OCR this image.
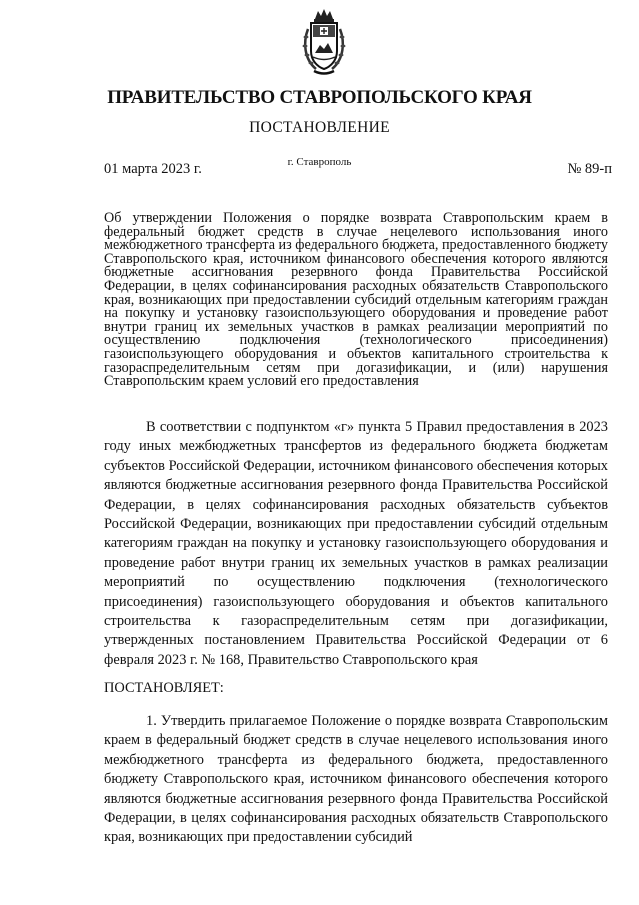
ПРАВИТЕЛЬСТВО СТАВРОПОЛЬСКОГО КРАЯ
ПОСТАНОВЛЕНИЕ
г. Ставрополь
01 марта 2023 г.	№ 89-п

Об утверждении Положения о порядке возврата Ставропольским краем в федеральный бюджет средств в случае нецелевого использования иного межбюджетного трансферта из федерального бюджета, предоставленного бюджету Ставропольского края, источником финансового обеспечения которого являются бюджетные ассигнования резервного фонда Правительства Российской Федерации, в целях софинансирования расходных обязательств Ставропольского края, возникающих при предоставлении субсидий отдельным категориям граждан на покупку и установку газоиспользующего оборудования и проведение работ внутри границ их земельных участков в рамках реализации мероприятий по осуществлению подключения (технологического присоединения) газоиспользующего оборудования и объектов капитального строительства к газораспределительным сетям при догазификации, и (или) нарушения Ставропольским краем условий его предоставления

В соответствии с подпунктом «г» пункта 5 Правил предоставления в 2023 году иных межбюджетных трансфертов из федерального бюджета бюджетам субъектов Российской Федерации, источником финансового обеспечения которых являются бюджетные ассигнования резервного фонда Правительства Российской Федерации, в целях софинансирования расходных обязательств субъектов Российской Федерации, возникающих при предоставлении субсидий отдельным категориям граждан на покупку и установку газоиспользующего оборудования и проведение работ внутри границ их земельных участков в рамках реализации мероприятий по осуществлению подключения (технологического присоединения) газоиспользующего оборудования и объектов капитального строительства к газораспределительным сетям при догазификации, утвержденных постановлением Правительства Российской Федерации от 6 февраля 2023 г. № 168, Правительство Ставропольского края

ПОСТАНОВЛЯЕТ:

1. Утвердить прилагаемое Положение о порядке возврата Ставропольским краем в федеральный бюджет средств в случае нецелевого использования иного межбюджетного трансферта из федерального бюджета, предоставленного бюджету Ставропольского края, источником финансового обеспечения которого являются бюджетные ассигнования резервного фонда Правительства Российской Федерации, в целях софинансирования расходных обязательств Ставропольского края, возникающих при предоставлении субсидий
